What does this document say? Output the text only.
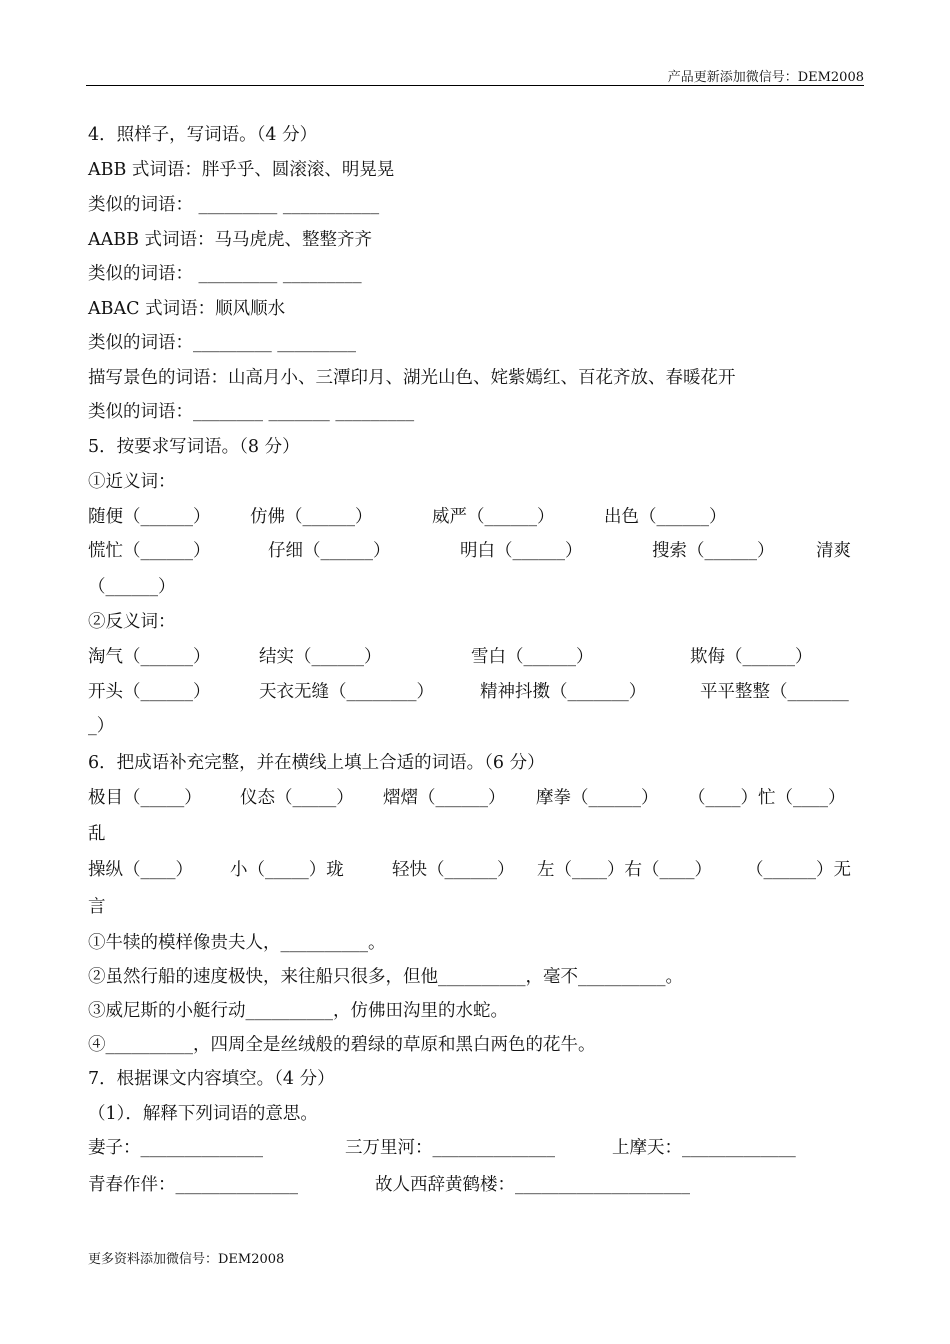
产品更新添加微信号：DEM2008
4．照样子，写词语。（4 分）
ABB 式词语：胖乎乎、圆滚滚、明晃晃
类似的词语： _________ ___________
AABB 式词语：马马虎虎、整整齐齐
类似的词语： _________ _________
ABAC 式词语：顺风顺水
类似的词语：_________ _________
描写景色的词语：山高月小、三潭印月、湖光山色、姹紫嫣红、百花齐放、春暖花开
类似的词语：________ _______ _________
5．按要求写词语。（8 分）
①近义词：
随便（______） 仿佛（______）	威严（______）	出色（______）
慌忙（______）	仔细（______）	明白（______）	搜索（______） 清爽
（______）
②反义词：
淘气（______）	结实（______）	雪白（______）	欺侮（______）
开头（______）	天衣无缝（________）	精神抖擞（_______）	平平整整（_______
_）
6．把成语补充完整，并在横线上填上合适的词语。（6 分）
极目（_____） 仪态（_____） 熠熠（______） 摩拳（______） （____）忙（____）
乱
操纵（____） 小（_____）珑	轻快（______） 左（____）右（____） （______）无
言
①牛犊的模样像贵夫人，__________。
②虽然行船的速度极快，来往船只很多，但他__________，毫不__________。
③威尼斯的小艇行动__________，仿佛田沟里的水蛇。
④__________，四周全是丝绒般的碧绿的草原和黑白两色的花牛。
7．根据课文内容填空。（4 分）
（1）．解释下列词语的意思。
妻子：______________	三万里河：______________	上摩天：_____________
青春作伴：______________	故人西辞黄鹤楼：____________________
更多资料添加微信号：DEM2008
